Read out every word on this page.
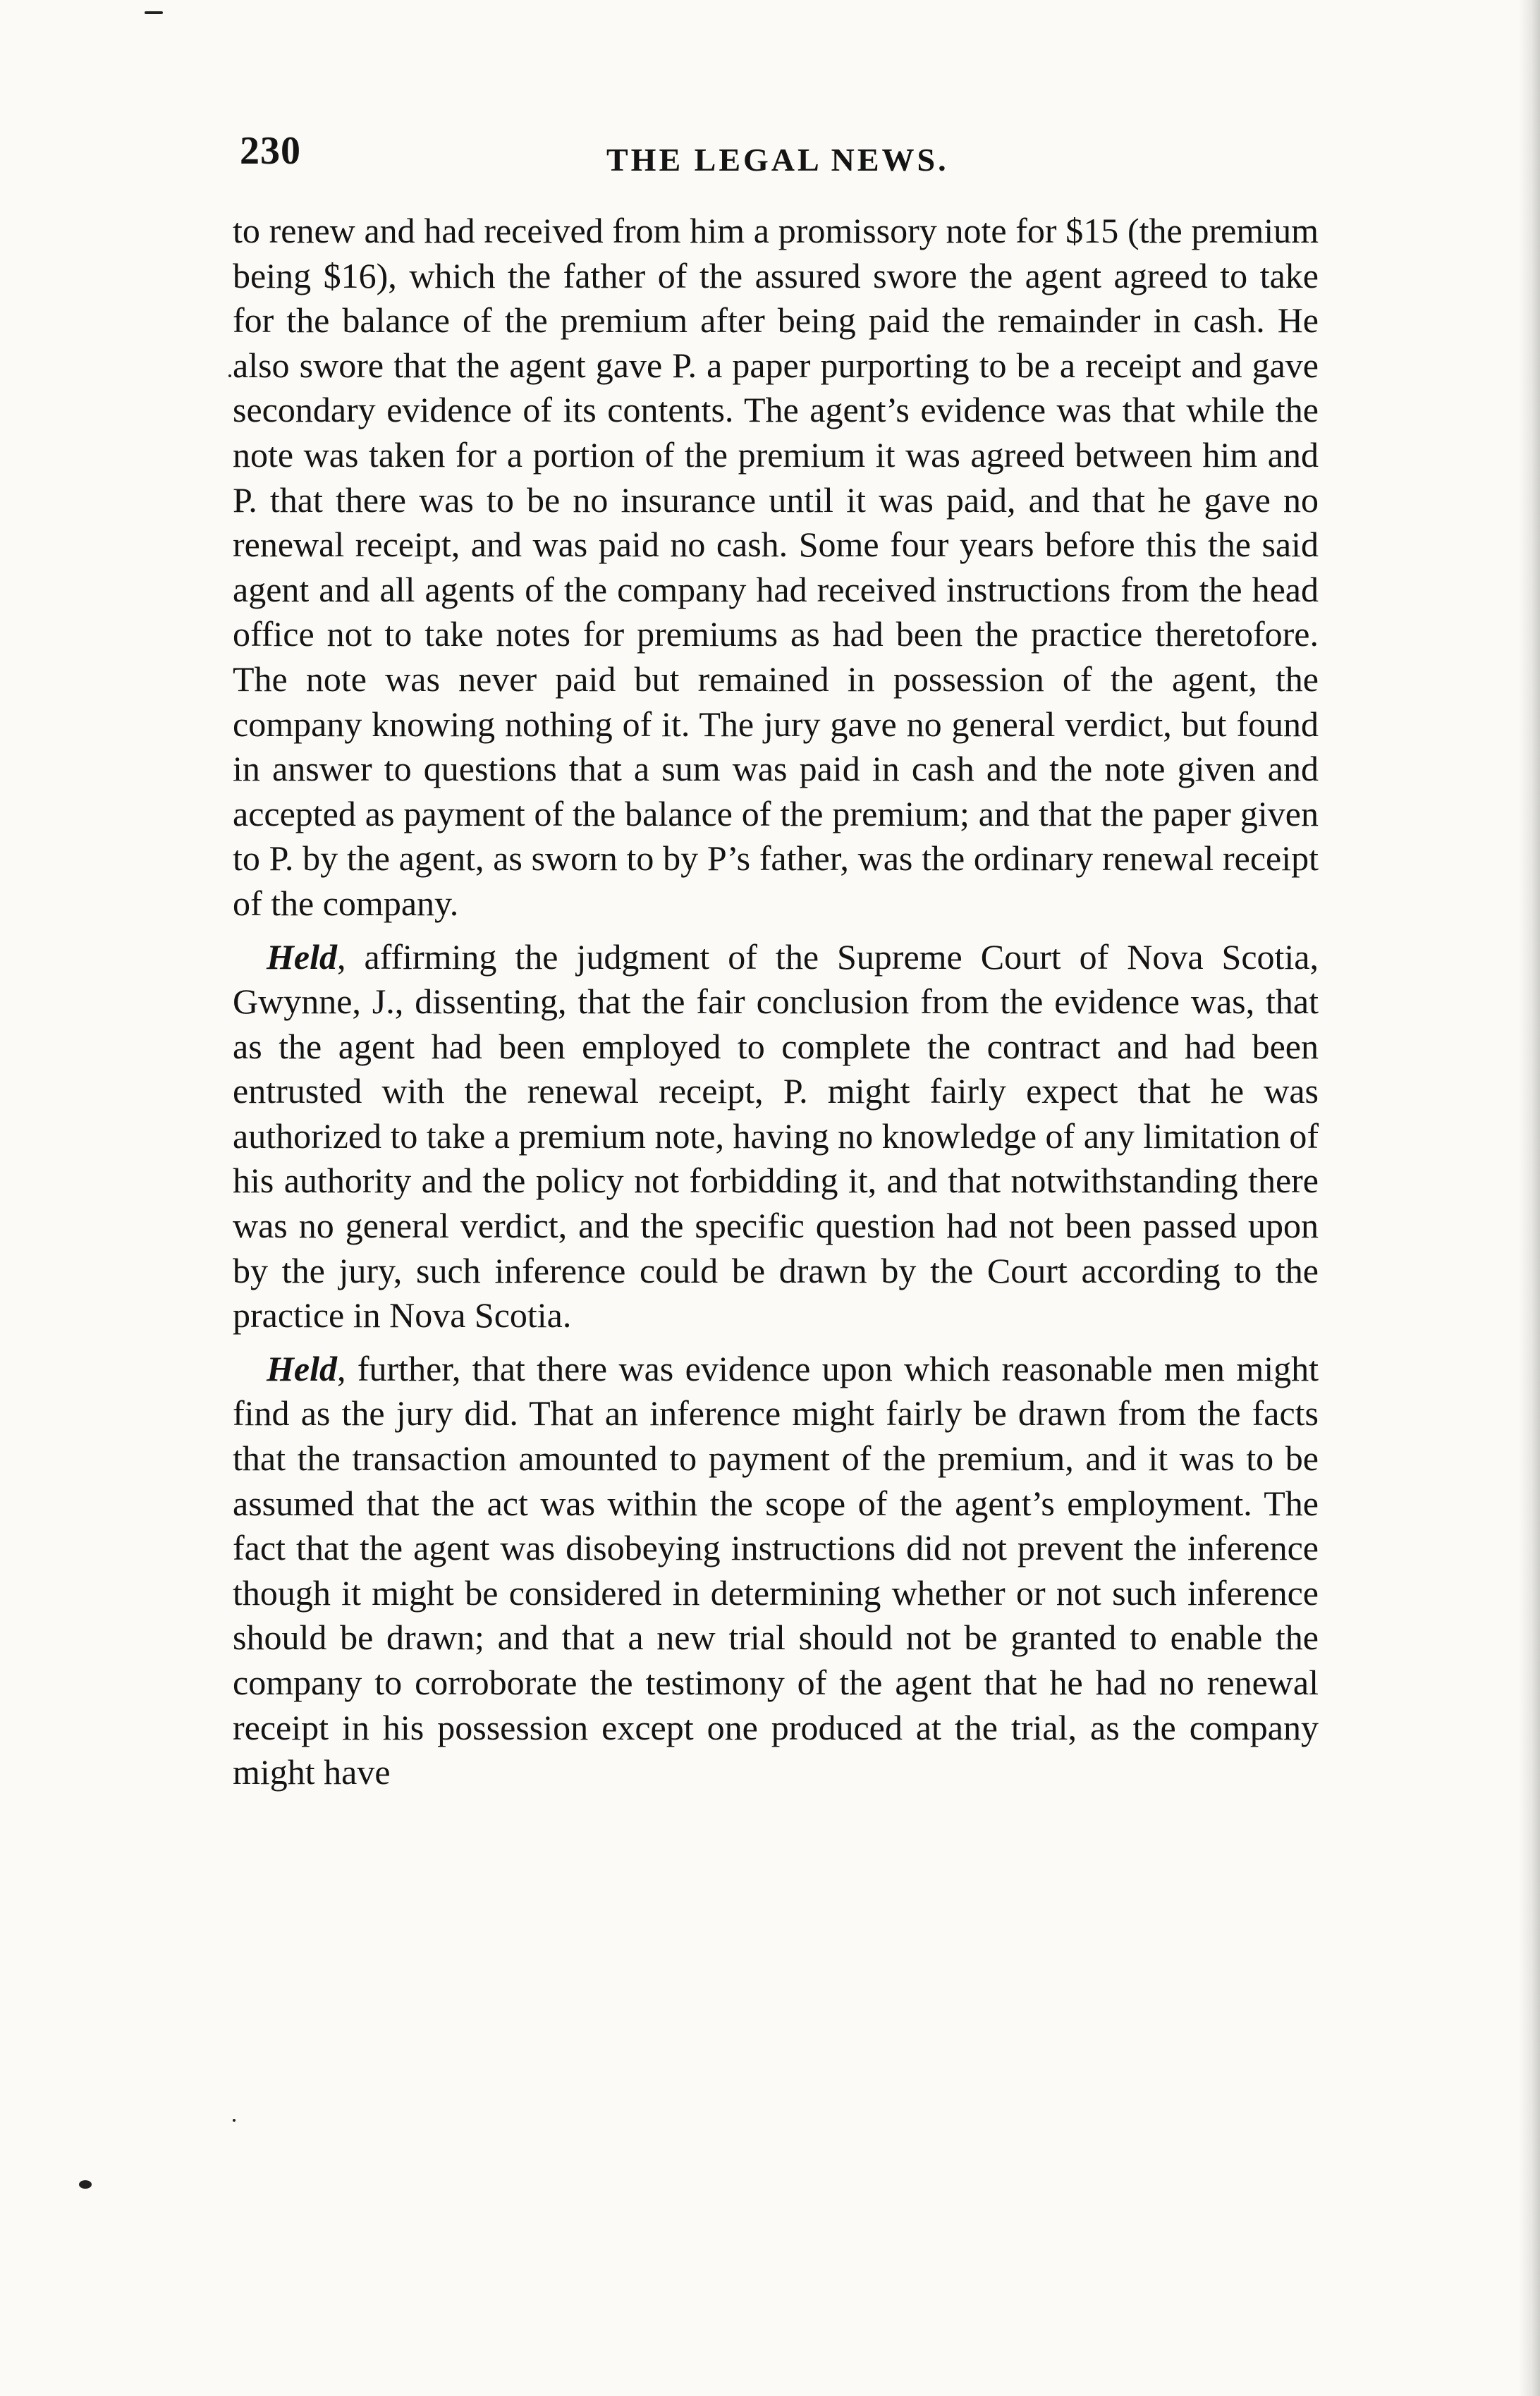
230	THE LEGAL NEWS.

to renew and had received from him a promissory note for $15 (the premium being $16), which the father of the assured swore the agent agreed to take for the balance of the premium after being paid the remainder in cash. He also swore that the agent gave P. a paper purporting to be a receipt and gave secondary evidence of its contents. The agent’s evidence was that while the note was taken for a portion of the premium it was agreed between him and P. that there was to be no insurance until it was paid, and that he gave no renewal receipt, and was paid no cash. Some four years before this the said agent and all agents of the company had received instructions from the head office not to take notes for premiums as had been the practice theretofore. The note was never paid but remained in possession of the agent, the company knowing nothing of it. The jury gave no general verdict, but found in answer to questions that a sum was paid in cash and the note given and accepted as payment of the balance of the premium; and that the paper given to P. by the agent, as sworn to by P’s father, was the ordinary renewal receipt of the company.

Held, affirming the judgment of the Supreme Court of Nova Scotia, Gwynne, J., dissenting, that the fair conclusion from the evidence was, that as the agent had been employed to complete the contract and had been entrusted with the renewal receipt, P. might fairly expect that he was authorized to take a premium note, having no knowledge of any limitation of his authority and the policy not forbidding it, and that notwithstanding there was no general verdict, and the specific question had not been passed upon by the jury, such inference could be drawn by the Court according to the practice in Nova Scotia.

Held, further, that there was evidence upon which reasonable men might find as the jury did. That an inference might fairly be drawn from the facts that the transaction amounted to payment of the premium, and it was to be assumed that the act was within the scope of the agent’s employment. The fact that the agent was disobeying instructions did not prevent the inference though it might be considered in determining whether or not such inference should be drawn; and that a new trial should not be granted to enable the company to corroborate the testimony of the agent that he had no renewal receipt in his possession except one produced at the trial, as the company might have
